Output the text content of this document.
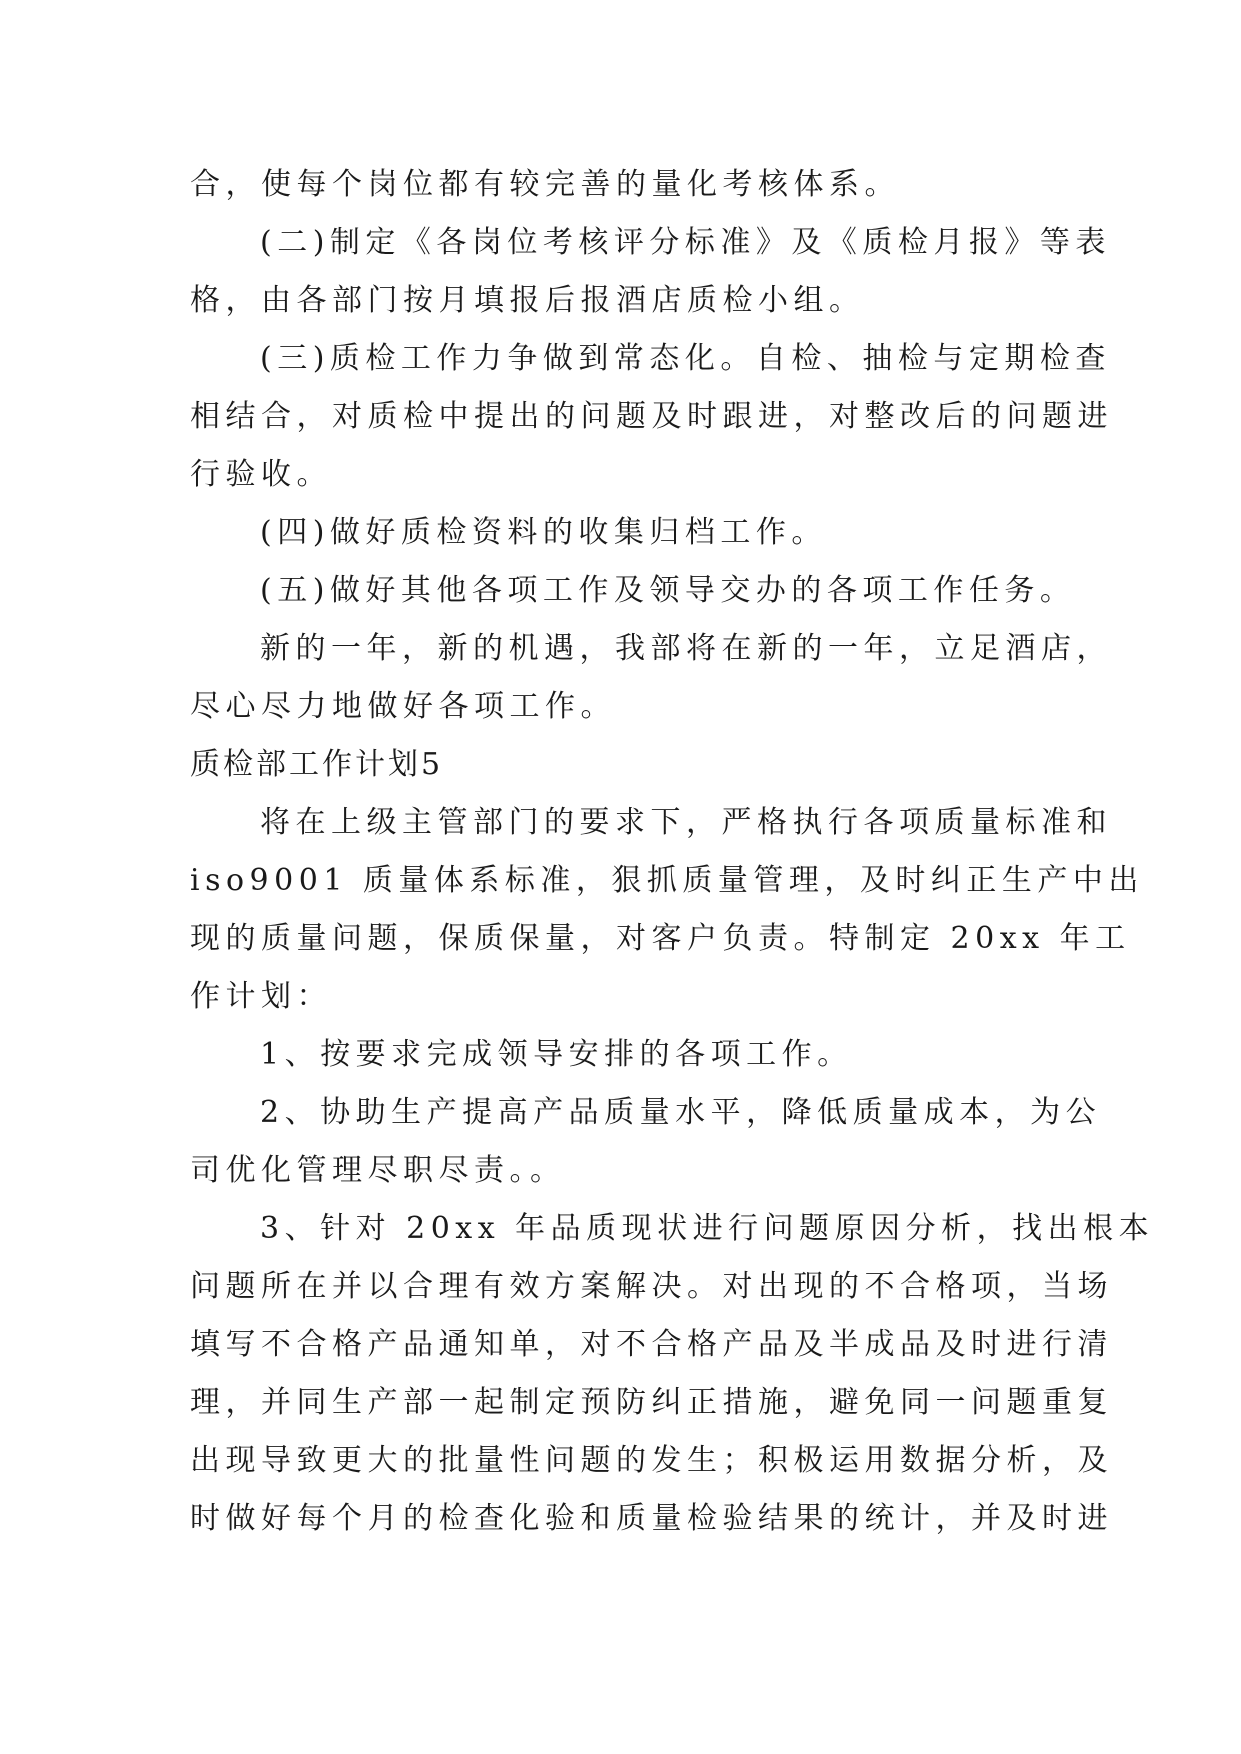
合，使每个岗位都有较完善的量化考核体系。
(二)制定《各岗位考核评分标准》及《质检月报》等表
格，由各部门按月填报后报酒店质检小组。
(三)质检工作力争做到常态化。自检、抽检与定期检查
相结合，对质检中提出的问题及时跟进，对整改后的问题进
行验收。
(四)做好质检资料的收集归档工作。
(五)做好其他各项工作及领导交办的各项工作任务。
新的一年，新的机遇，我部将在新的一年，立足酒店，
尽心尽力地做好各项工作。
质检部工作计划5
将在上级主管部门的要求下，严格执行各项质量标准和
iso9001 质量体系标准，狠抓质量管理，及时纠正生产中出
现的质量问题，保质保量，对客户负责。特制定 20xx 年工
作计划：
1、按要求完成领导安排的各项工作。
2、协助生产提高产品质量水平，降低质量成本，为公
司优化管理尽职尽责。。
3、针对 20xx 年品质现状进行问题原因分析，找出根本
问题所在并以合理有效方案解决。对出现的不合格项，当场
填写不合格产品通知单，对不合格产品及半成品及时进行清
理，并同生产部一起制定预防纠正措施，避免同一问题重复
出现导致更大的批量性问题的发生；积极运用数据分析，及
时做好每个月的检查化验和质量检验结果的统计，并及时进
